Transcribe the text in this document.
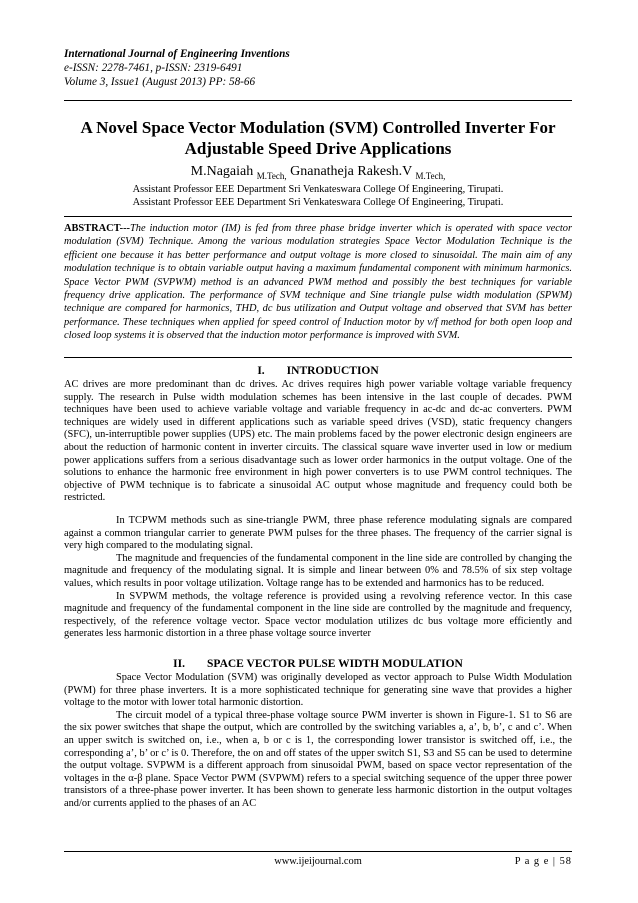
International Journal of Engineering Inventions
e-ISSN: 2278-7461, p-ISSN: 2319-6491
Volume 3, Issue1 (August 2013) PP: 58-66
A Novel Space Vector Modulation (SVM) Controlled Inverter For
Adjustable Speed Drive Applications
M.Nagaiah $_{M.Tech,}$ Gnanatheja Rakesh.V $_{M.Tech,}$
Assistant Professor EEE Department Sri Venkateswara College Of Engineering, Tirupati.
Assistant Professor EEE Department Sri Venkateswara College Of Engineering, Tirupati.
ABSTRACT---The induction motor (IM) is fed from three phase bridge inverter which is operated with space vector modulation (SVM) Technique. Among the various modulation strategies Space Vector Modulation Technique is the efficient one because it has better performance and output voltage is more closed to sinusoidal. The main aim of any modulation technique is to obtain variable output having a maximum fundamental component with minimum harmonics. Space Vector PWM (SVPWM) method is an advanced PWM method and possibly the best techniques for variable frequency drive application. The performance of SVM technique and Sine triangle pulse width modulation (SPWM) technique are compared for harmonics, THD, dc bus utilization and Output voltage and observed that SVM has better performance. These techniques when applied for speed control of Induction motor by v/f method for both open loop and closed loop systems it is observed that the induction motor performance is improved with SVM.
I. INTRODUCTION

AC drives are more predominant than dc drives. Ac drives requires high power variable voltage variable frequency supply. The research in Pulse width modulation schemes has been intensive in the last couple of decades. PWM techniques have been used to achieve variable voltage and variable frequency in ac-dc and dc-ac converters. PWM techniques are widely used in different applications such as variable speed drives (VSD), static frequency changers (SFC), un-interruptible power supplies (UPS) etc. The main problems faced by the power electronic design engineers are about the reduction of harmonic content in inverter circuits. The classical square wave inverter used in low or medium power applications suffers from a serious disadvantage such as lower order harmonics in the output voltage. One of the solutions to enhance the harmonic free environment in high power converters is to use PWM control techniques. The objective of PWM technique is to fabricate a sinusoidal AC output whose magnitude and frequency could both be restricted.

In TCPWM methods such as sine-triangle PWM, three phase reference modulating signals are compared against a common triangular carrier to generate PWM pulses for the three phases. The frequency of the carrier signal is very high compared to the modulating signal.

The magnitude and frequencies of the fundamental component in the line side are controlled by changing the magnitude and frequency of the modulating signal. It is simple and linear between 0% and 78.5% of six step voltage values, which results in poor voltage utilization. Voltage range has to be extended and harmonics has to be reduced.

In SVPWM methods, the voltage reference is provided using a revolving reference vector. In this case magnitude and frequency of the fundamental component in the line side are controlled by the magnitude and frequency, respectively, of the reference voltage vector. Space vector modulation utilizes dc bus voltage more efficiently and generates less harmonic distortion in a three phase voltage source inverter

II. SPACE VECTOR PULSE WIDTH MODULATION

Space Vector Modulation (SVM) was originally developed as vector approach to Pulse Width Modulation (PWM) for three phase inverters. It is a more sophisticated technique for generating sine wave that provides a higher voltage to the motor with lower total harmonic distortion.

The circuit model of a typical three-phase voltage source PWM inverter is shown in Figure-1. S1 to S6 are the six power switches that shape the output, which are controlled by the switching variables a, a’, b, b’, c and c’. When an upper switch is switched on, i.e., when a, b or c is 1, the corresponding lower transistor is switched off, i.e., the corresponding a’, b’ or c’ is 0. Therefore, the on and off states of the upper switch S1, S3 and S5 can be used to determine the output voltage. SVPWM is a different approach from sinusoidal PWM, based on space vector representation of the voltages in the α-β plane. Space Vector PWM (SVPWM) refers to a special switching sequence of the upper three power transistors of a three-phase power inverter. It has been shown to generate less harmonic distortion in the output voltages and/or currents applied to the phases of an AC

www.ijeijournal.com	P a g e | 58
